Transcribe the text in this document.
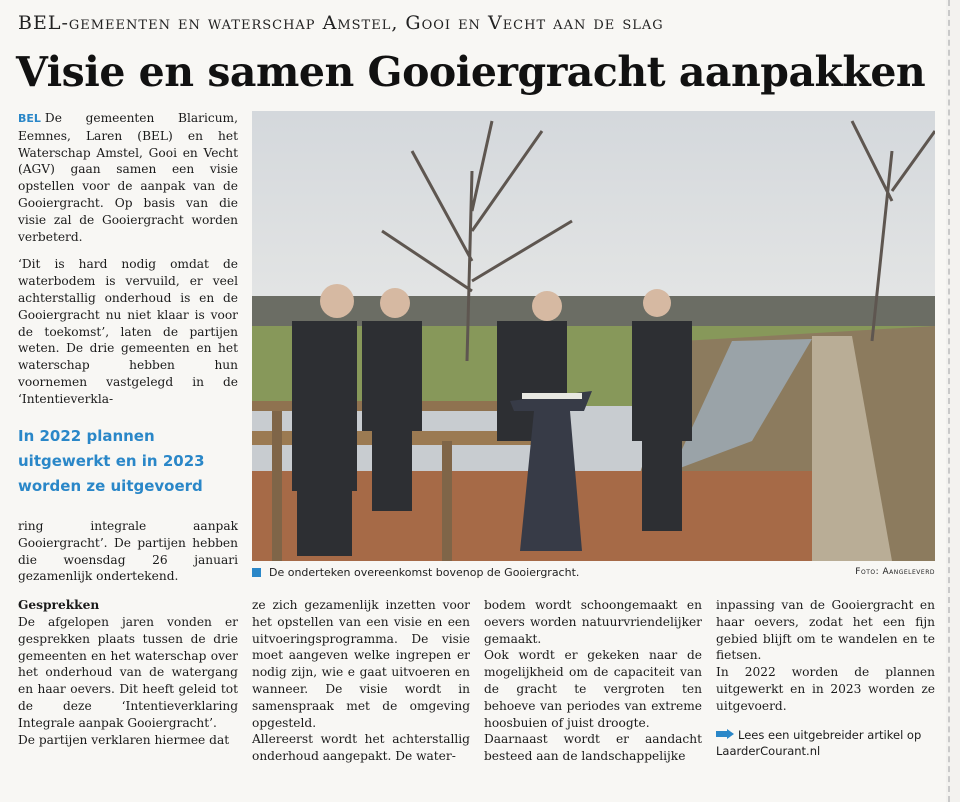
BEL-gemeenten en waterschap Amstel, Gooi en Vecht aan de slag
Visie en samen Gooiergracht aanpakken

BEL De gemeenten Blaricum, Eemnes, Laren (BEL) en het Waterschap Amstel, Gooi en Vecht (AGV) gaan samen een visie opstellen voor de aanpak van de Gooiergracht. Op basis van die visie zal de Gooiergracht worden verbeterd.

‘Dit is hard nodig omdat de waterbodem is vervuild, er veel achterstallig onderhoud is en de Gooiergracht nu niet klaar is voor de toekomst’, laten de partijen weten. De drie gemeenten en het waterschap hebben hun voornemen vastgelegd in de ‘Intentieverkla-

In 2022 plannen uitgewerkt en in 2023 worden ze uitgevoerd

ring integrale aanpak Gooiergracht’. De partijen hebben die woensdag 26 januari gezamenlijk ondertekend.

Gesprekken

De afgelopen jaren vonden er gesprekken plaats tussen de drie gemeenten en het waterschap over het onderhoud van de watergang en haar oevers. Dit heeft geleid tot de deze ‘Intentieverklaring Integrale aanpak Gooiergracht’.

De partijen verklaren hiermee dat

De onderteken overeenkomst bovenop de Gooiergracht.	Foto: Aangeleverd

ze zich gezamenlijk inzetten voor het opstellen van een visie en een uitvoeringsprogramma. De visie moet aangeven welke ingrepen er nodig zijn, wie e gaat uitvoeren en wanneer. De visie wordt in samenspraak met de omgeving opgesteld.

Allereerst wordt het achterstallig onderhoud aangepakt. De water-

bodem wordt schoongemaakt en oevers worden natuurvriendelijker gemaakt.

Ook wordt er gekeken naar de mogelijkheid om de capaciteit van de gracht te vergroten ten behoeve van periodes van extreme hoosbuien of juist droogte.

Daarnaast wordt er aandacht besteed aan de landschappelijke

inpassing van de Gooiergracht en haar oevers, zodat het een fijn gebied blijft om te wandelen en te fietsen.

In 2022 worden de plannen uitgewerkt en in 2023 worden ze uitgevoerd.

Lees een uitgebreider artikel op LaarderCourant.nl
